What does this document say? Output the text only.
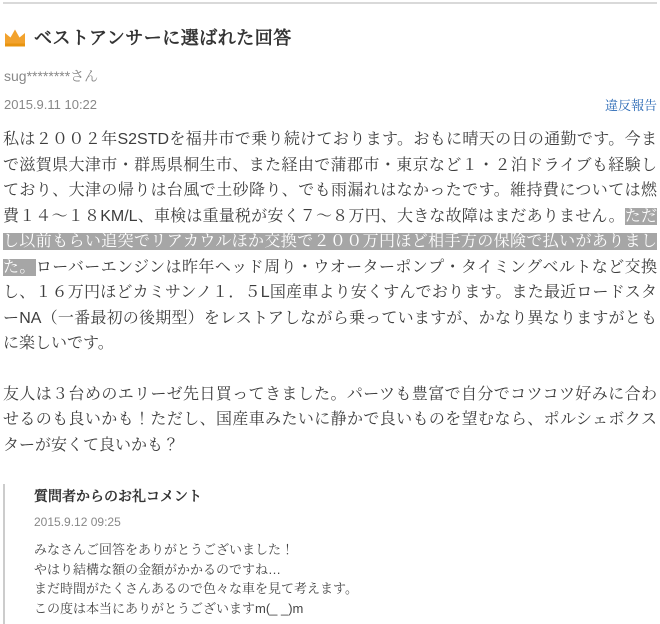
ベストアンサーに選ばれた回答
sug********さん
2015.9.11 10:22	違反報告

私は２００２年S2STDを福井市で乗り続けております。おもに晴天の日の通勤です。今まで滋賀県大津市・群馬県桐生市、また経由で蒲郡市・東京など１・２泊ドライブも経験しており、大津の帰りは台風で土砂降り、でも雨漏れはなかったです。維持費については燃費１４～１８KM/L、車検は重量税が安く７～８万円、大きな故障はまだありません。ただし以前もらい追突でリアカウルほか交換で２００万円ほど相手方の保険で払いがありました。ローバーエンジンは昨年ヘッド周り・ウオーターポンプ・タイミングベルトなど交換し、１６万円ほどカミサンノ１．５L国産車より安くすんでおります。また最近ロードスターNA（一番最初の後期型）をレストアしながら乗っていますが、かなり異なりますがともに楽しいです。

友人は３台めのエリーゼ先日買ってきました。パーツも豊富で自分でコツコツ好みに合わせるのも良いかも！ただし、国産車みたいに静かで良いものを望むなら、ポルシェボクスターが安くて良いかも？

質問者からのお礼コメント
2015.9.12 09:25
みなさんご回答をありがとうございました！
やはり結構な額の金額がかかるのですね…
まだ時間がたくさんあるので色々な車を見て考えます。
この度は本当にありがとうございますm(_ _)m
